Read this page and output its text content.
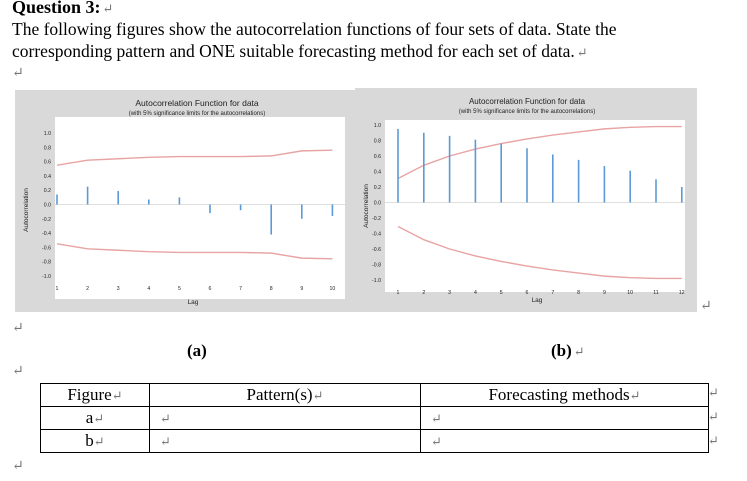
Question 3: ↵
The following figures show the autocorrelation functions of four sets of data. State the
corresponding pattern and ONE suitable forecasting method for each set of data. ↵
↵
Autocorrelation Function for data
(with 5% significance limits for the autocorrelations)
Autocorrelation
Lag
1.0
0.8
0.6
0.4
0.2
0.0
-0.2
-0.4
-0.6
-0.8
-1.0
1	2	3	4	5	6	7	8	9	10
Autocorrelation Function for data
(with 5% significance limits for the autocorrelations)
Autocorrelation
Lag
1.0
0.8
0.6
0.4
0.2
0.0
-0.2
-0.4
-0.6
-0.8
-1.0
1	2	3	4	5	6	7	8	9	10	11	12
↵
↵
(a)	(b) ↵
↵
Figure↵	Pattern(s)↵	Forecasting methods↵
a↵	↵	↵
b↵	↵	↵
↵
↵
↵
↵
